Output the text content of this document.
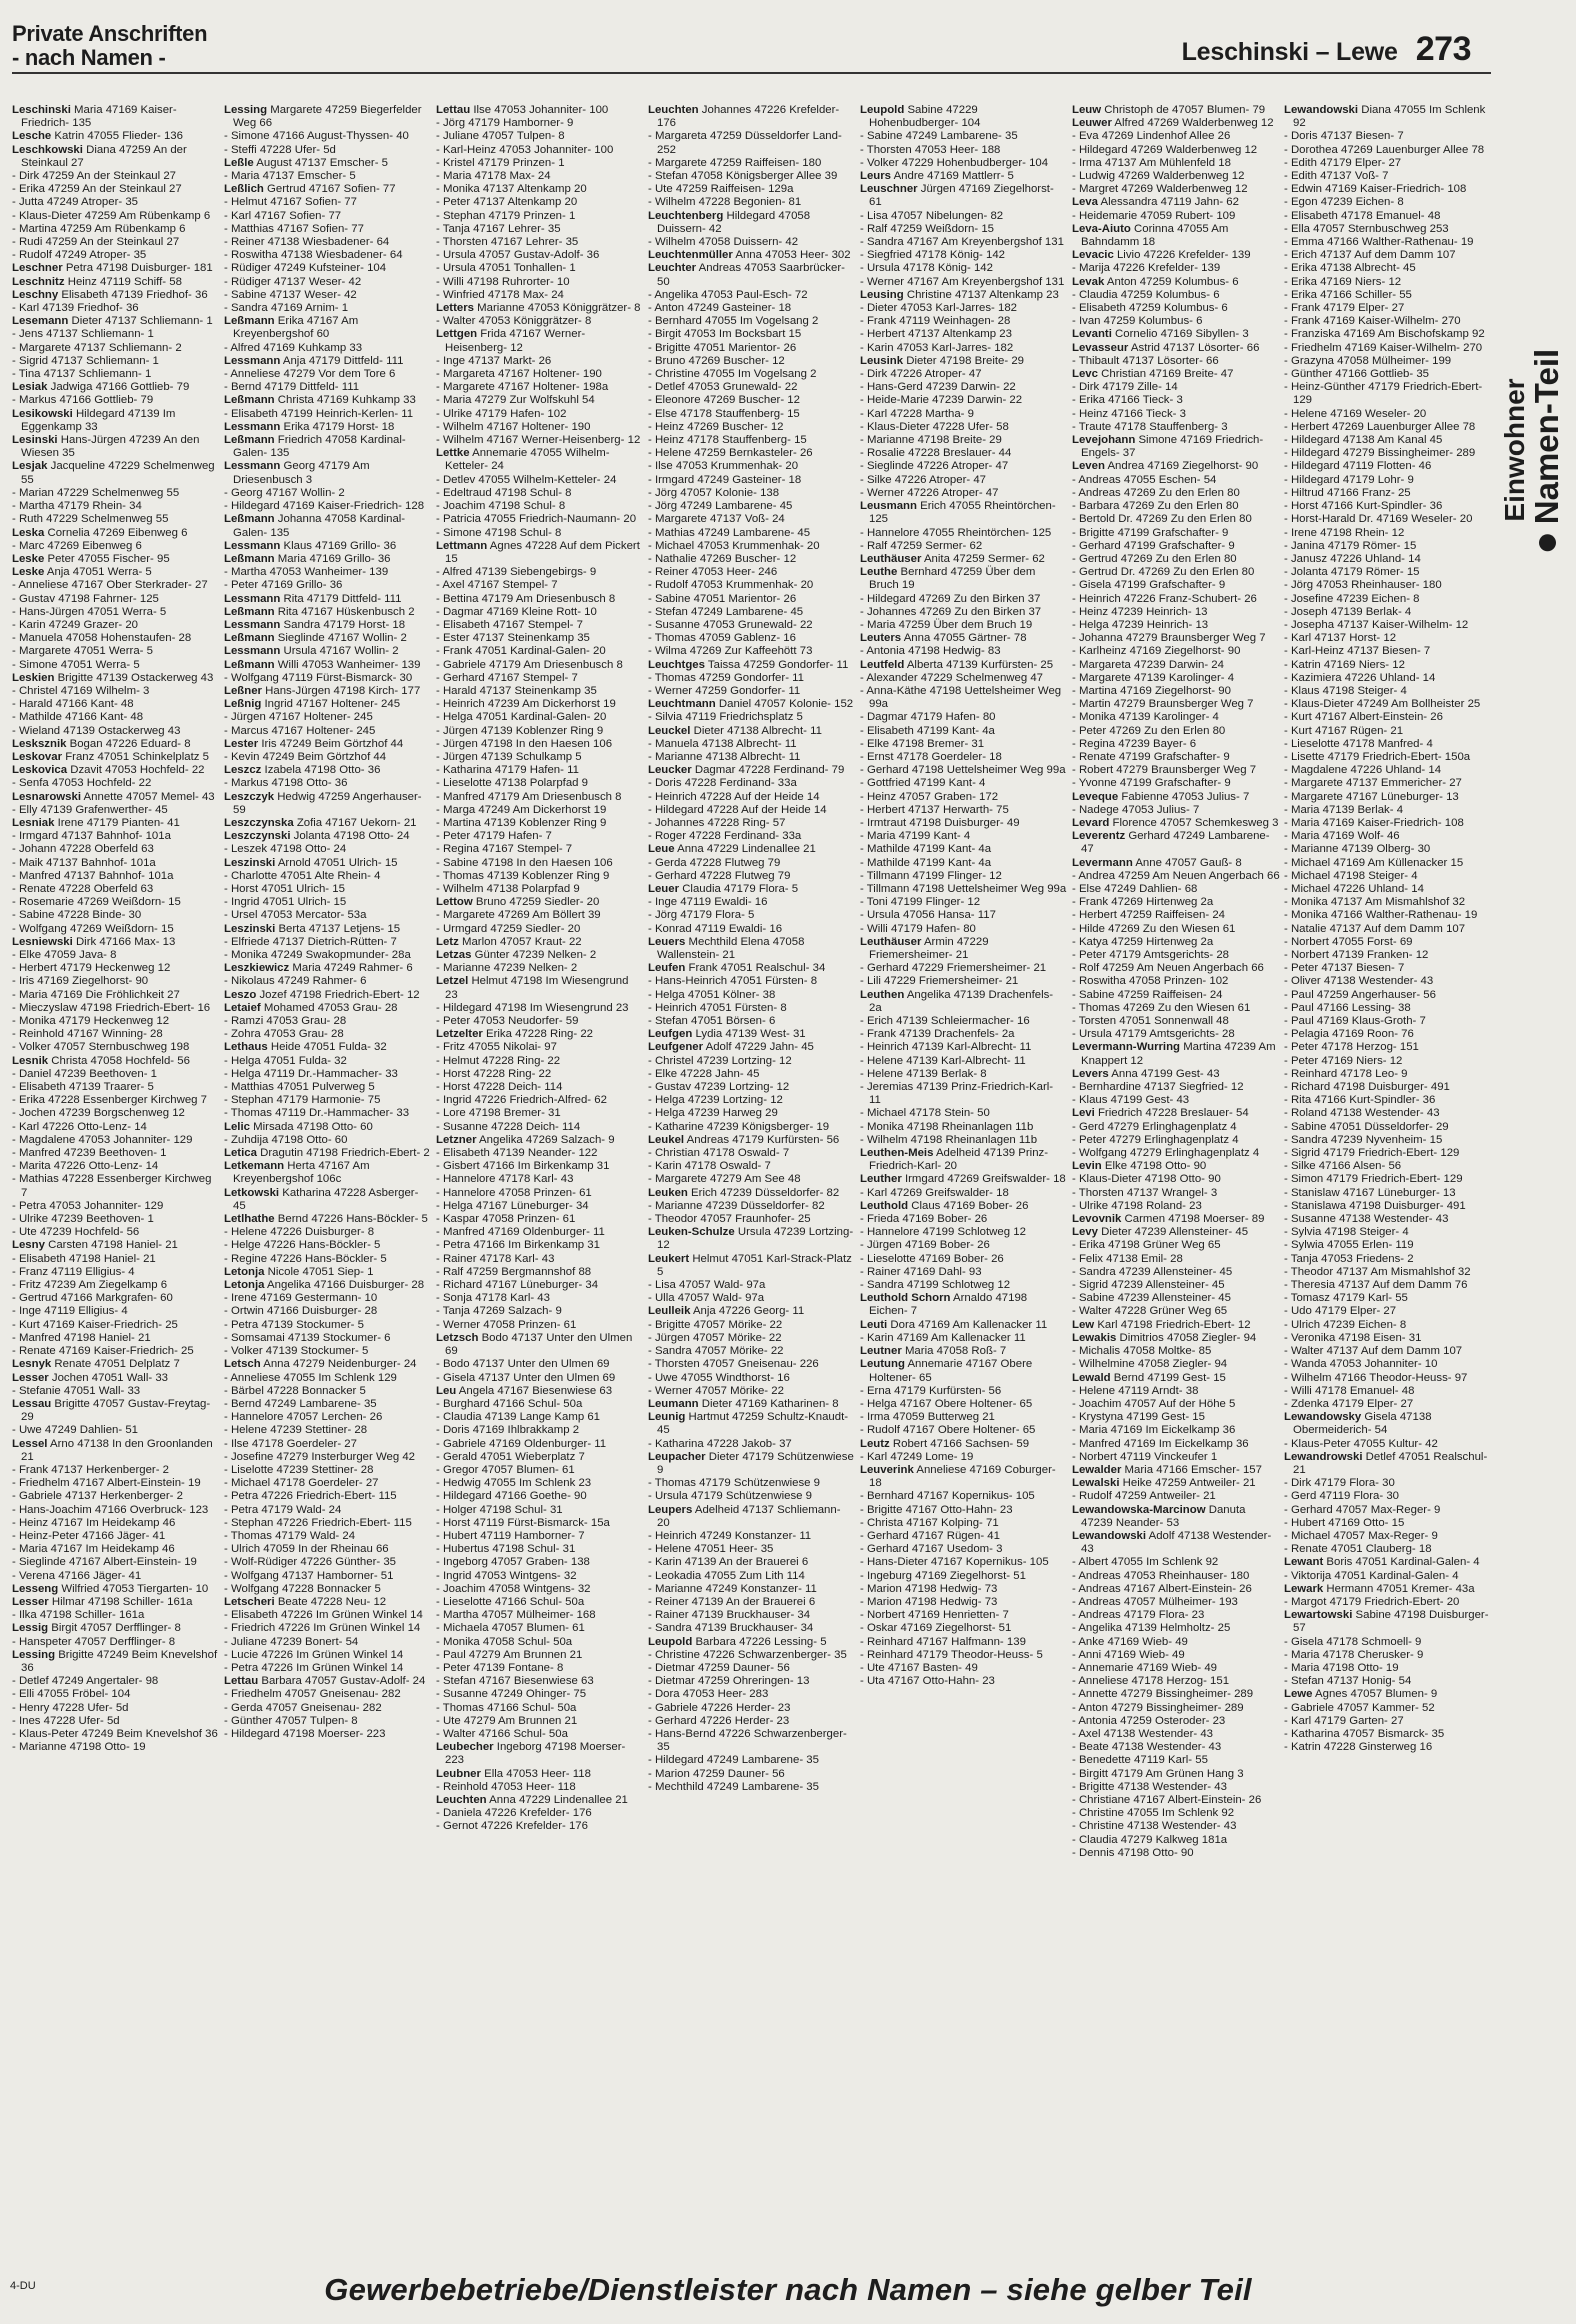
Private Anschriften
- nach Namen -	Leschinski – Lewe 273
Leschinski Maria 47169 Kaiser-Friedrich- 135
Lesche Katrin 47055 Flieder- 136
Leschkowski Diana 47259 An der Steinkaul 27
- Dirk 47259 An der Steinkaul 27
- Erika 47259 An der Steinkaul 27
- Jutta 47249 Atroper- 35
- Klaus-Dieter 47259 Am Rübenkamp 6
- Martina 47259 Am Rübenkamp 6
- Rudi 47259 An der Steinkaul 27
- Rudolf 47249 Atroper- 35
Leschner Petra 47198 Duisburger- 181
Leschnitz Heinz 47119 Schiff- 58
Leschny Elisabeth 47139 Friedhof- 36
- Karl 47139 Friedhof- 36
Lesemann Dieter 47137 Schliemann- 1
- Jens 47137 Schliemann- 1
- Margarete 47137 Schliemann- 2
- Sigrid 47137 Schliemann- 1
- Tina 47137 Schliemann- 1
Lesiak Jadwiga 47166 Gottlieb- 79
- Markus 47166 Gottlieb- 79
Lesikowski Hildegard 47139 Im Eggenkamp 33
Lesinski Hans-Jürgen 47239 An den Wiesen 35
Lesjak Jacqueline 47229 Schelmenweg 55
- Marian 47229 Schelmenweg 55
- Martha 47179 Rhein- 34
- Ruth 47229 Schelmenweg 55
Leska Cornelia 47269 Eibenweg 6
- Marc 47269 Eibenweg 6
Leske Peter 47055 Fischer- 95
Leske Anja 47051 Werra- 5
- Anneliese 47167 Ober Sterkrader- 27
- Gustav 47198 Fahrner- 125
- Hans-Jürgen 47051 Werra- 5
- Karin 47249 Grazer- 20
- Manuela 47058 Hohenstaufen- 28
- Margarete 47051 Werra- 5
- Simone 47051 Werra- 5
Leskien Brigitte 47139 Ostackerweg 43
- Christel 47169 Wilhelm- 3
- Harald 47166 Kant- 48
- Mathilde 47166 Kant- 48
- Wieland 47139 Ostackerweg 43
Lesksznik Bogan 47226 Eduard- 8
Leskovar Franz 47051 Schinkelplatz 5
Leskovica Dzavit 47053 Hochfeld- 22
- Senfa 47053 Hochfeld- 22
Lesnarowski Annette 47057 Memel- 43
- Elly 47139 Grafenwerther- 45
Lesniak Irene 47179 Pianten- 41
- Irmgard 47137 Bahnhof- 101a
- Johann 47228 Oberfeld 63
- Maik 47137 Bahnhof- 101a
- Manfred 47137 Bahnhof- 101a
- Renate 47228 Oberfeld 63
- Rosemarie 47269 Weißdorn- 15
- Sabine 47228 Binde- 30
- Wolfgang 47269 Weißdorn- 15
Lesniewski Dirk 47166 Max- 13
- Elke 47059 Java- 8
- Herbert 47179 Heckenweg 12
- Iris 47169 Ziegelhorst- 90
- Maria 47169 Die Fröhlichkeit 27
- Mieczyslaw 47198 Friedrich-Ebert- 16
- Monika 47179 Heckenweg 12
- Reinhold 47167 Winning- 28
- Volker 47057 Sternbuschweg 198
Lesnik Christa 47058 Hochfeld- 56
- Daniel 47239 Beethoven- 1
- Elisabeth 47139 Traarer- 5
- Erika 47228 Essenberger Kirchweg 7
- Jochen 47239 Borgschenweg 12
- Karl 47226 Otto-Lenz- 14
- Magdalene 47053 Johanniter- 129
- Manfred 47239 Beethoven- 1
- Marita 47226 Otto-Lenz- 14
- Mathias 47228 Essenberger Kirchweg 7
- Petra 47053 Johanniter- 129
- Ulrike 47239 Beethoven- 1
- Ute 47239 Hochfeld- 56
Lesny Carsten 47198 Haniel- 21
- Elisabeth 47198 Haniel- 21
- Franz 47119 Elligius- 4
- Fritz 47239 Am Ziegelkamp 6
- Gertrud 47166 Markgrafen- 60
- Inge 47119 Elligius- 4
- Kurt 47169 Kaiser-Friedrich- 25
- Manfred 47198 Haniel- 21
- Renate 47169 Kaiser-Friedrich- 25
Lesnyk Renate 47051 Delplatz 7
Lesser Jochen 47051 Wall- 33
- Stefanie 47051 Wall- 33
Lessau Brigitte 47057 Gustav-Freytag- 29
- Uwe 47249 Dahlien- 51
Lessel Arno 47138 In den Groonlanden 21
- Frank 47137 Herkenberger- 2
- Friedhelm 47167 Albert-Einstein- 19
- Gabriele 47137 Herkenberger- 2
- Hans-Joachim 47166 Overbruck- 123
- Heinz 47167 Im Heidekamp 46
- Heinz-Peter 47166 Jäger- 41
- Maria 47167 Im Heidekamp 46
- Sieglinde 47167 Albert-Einstein- 19
- Verena 47166 Jäger- 41
Lesseng Wilfried 47053 Tiergarten- 10
Lesser Hilmar 47198 Schiller- 161a
- Ilka 47198 Schiller- 161a
Lessig Birgit 47057 Derfflinger- 8
- Hanspeter 47057 Derfflinger- 8
Lessing Brigitte 47249 Beim Knevelshof 36
- Detlef 47249 Angertaler- 98
- Elli 47055 Fröbel- 104
- Henry 47228 Ufer- 5d
- Ines 47228 Ufer- 5d
- Klaus-Peter 47249 Beim Knevelshof 36
- Marianne 47198 Otto- 19
Lessing Margarete 47259 Biegerfelder Weg 66
- Simone 47166 August-Thyssen- 40
- Steffi 47228 Ufer- 5d
Leßle August 47137 Emscher- 5
- Maria 47137 Emscher- 5
Leßlich Gertrud 47167 Sofien- 77
- Helmut 47167 Sofien- 77
- Karl 47167 Sofien- 77
- Matthias 47167 Sofien- 77
- Reiner 47138 Wiesbadener- 64
- Roswitha 47138 Wiesbadener- 64
- Rüdiger 47249 Kufsteiner- 104
- Rüdiger 47137 Weser- 42
- Sabine 47137 Weser- 42
- Sandra 47169 Arnim- 1
Leßmann Erika 47167 Am Kreyenbergshof 60
- Alfred 47169 Kuhkamp 33
Lessmann Anja 47179 Dittfeld- 111
- Anneliese 47279 Vor dem Tore 6
- Bernd 47179 Dittfeld- 111
Leßmann Christa 47169 Kuhkamp 33
- Elisabeth 47199 Heinrich-Kerlen- 11
Lessmann Erika 47179 Horst- 18
Leßmann Friedrich 47058 Kardinal-Galen- 135
Lessmann Georg 47179 Am Driesenbusch 3
- Georg 47167 Wollin- 2
- Hildegard 47169 Kaiser-Friedrich- 128
Leßmann Johanna 47058 Kardinal-Galen- 135
Lessmann Klaus 47169 Grillo- 36
Leßmann Maria 47169 Grillo- 36
- Martha 47053 Wanheimer- 139
- Peter 47169 Grillo- 36
Lessmann Rita 47179 Dittfeld- 111
Leßmann Rita 47167 Hüskenbusch 2
Lessmann Sandra 47179 Horst- 18
Leßmann Sieglinde 47167 Wollin- 2
Lessmann Ursula 47167 Wollin- 2
Leßmann Willi 47053 Wanheimer- 139
- Wolfgang 47119 Fürst-Bismarck- 30
Leßner Hans-Jürgen 47198 Kirch- 177
Leßnig Ingrid 47167 Holtener- 245
- Jürgen 47167 Holtener- 245
- Marcus 47167 Holtener- 245
Lester Iris 47249 Beim Görtzhof 44
- Kevin 47249 Beim Görtzhof 44
Leszcz Izabela 47198 Otto- 36
- Markus 47198 Otto- 36
Leszczyk Hedwig 47259 Angerhauser- 59
Leszczynska Zofia 47167 Uekorn- 21
Leszczynski Jolanta 47198 Otto- 24
- Leszek 47198 Otto- 24
Leszinski Arnold 47051 Ulrich- 15
- Charlotte 47051 Alte Rhein- 4
- Horst 47051 Ulrich- 15
- Ingrid 47051 Ulrich- 15
- Ursel 47053 Mercator- 53a
Leszinski Berta 47137 Letjens- 15
- Elfriede 47137 Dietrich-Rütten- 7
- Monika 47249 Swakopmunder- 28a
Leszkiewicz Maria 47249 Rahmer- 6
- Nikolaus 47249 Rahmer- 6
Leszo Jozef 47198 Friedrich-Ebert- 12
Letaief Mohamed 47053 Grau- 28
- Ramzi 47053 Grau- 28
- Zohra 47053 Grau- 28
Lethaus Heide 47051 Fulda- 32
- Helga 47051 Fulda- 32
- Helga 47119 Dr.-Hammacher- 33
- Matthias 47051 Pulverweg 5
- Stephan 47179 Harmonie- 75
- Thomas 47119 Dr.-Hammacher- 33
Lelic Mirsada 47198 Otto- 60
- Zuhdija 47198 Otto- 60
Letica Dragutin 47198 Friedrich-Ebert- 2
Letkemann Herta 47167 Am Kreyenbergshof 106c
Letkowski Katharina 47228 Asberger- 45
Letlhathe Bernd 47226 Hans-Böckler- 5
- Helene 47226 Duisburger- 8
- Helge 47226 Hans-Böckler- 5
- Regine 47226 Hans-Böckler- 5
Letonja Nicole 47051 Siep- 1
Letonja Angelika 47166 Duisburger- 28
- Irene 47169 Gestermann- 10
- Ortwin 47166 Duisburger- 28
- Petra 47139 Stockumer- 5
- Somsamai 47139 Stockumer- 6
- Volker 47139 Stockumer- 5
Letsch Anna 47279 Neidenburger- 24
- Anneliese 47055 Im Schlenk 129
- Bärbel 47228 Bonnacker 5
- Bernd 47249 Lambarene- 35
- Hannelore 47057 Lerchen- 26
- Helene 47239 Stettiner- 28
- Ilse 47178 Goerdeler- 27
- Josefine 47279 Insterburger Weg 42
- Liselotte 47239 Stettiner- 28
- Michael 47178 Goerdeler- 27
- Petra 47226 Friedrich-Ebert- 115
- Petra 47179 Wald- 24
- Stephan 47226 Friedrich-Ebert- 115
- Thomas 47179 Wald- 24
- Ulrich 47059 In der Rheinau 66
- Wolf-Rüdiger 47226 Günther- 35
- Wolfgang 47137 Hamborner- 51
- Wolfgang 47228 Bonnacker 5
Letscheri Beate 47228 Neu- 12
- Elisabeth 47226 Im Grünen Winkel 14
- Friedrich 47226 Im Grünen Winkel 14
- Juliane 47239 Bonert- 54
- Lucie 47226 Im Grünen Winkel 14
- Petra 47226 Im Grünen Winkel 14
Lettau Barbara 47057 Gustav-Adolf- 24
- Friedhelm 47057 Gneisenau- 282
- Gerda 47057 Gneisenau- 282
- Günther 47057 Tulpen- 8
- Hildegard 47198 Moerser- 223
Lettau Ilse 47053 Johanniter- 100
- Jörg 47179 Hamborner- 9
- Juliane 47057 Tulpen- 8
- Karl-Heinz 47053 Johanniter- 100
- Kristel 47179 Prinzen- 1
- Maria 47178 Max- 24
- Monika 47137 Altenkamp 20
- Peter 47137 Altenkamp 20
- Stephan 47179 Prinzen- 1
- Tanja 47167 Lehrer- 35
- Thorsten 47167 Lehrer- 35
- Ursula 47057 Gustav-Adolf- 36
- Ursula 47051 Tonhallen- 1
- Willi 47198 Ruhrorter- 10
- Winfried 47178 Max- 24
Letters Marianne 47053 Königgrätzer- 8
- Walter 47053 Königgrätzer- 8
Lettgen Frida 47167 Werner-Heisenberg- 12
- Inge 47137 Markt- 26
- Margareta 47167 Holtener- 190
- Margarete 47167 Holtener- 198a
- Maria 47279 Zur Wolfskuhl 54
- Ulrike 47179 Hafen- 102
- Wilhelm 47167 Holtener- 190
- Wilhelm 47167 Werner-Heisenberg- 12
Lettke Annemarie 47055 Wilhelm-Ketteler- 24
- Detlev 47055 Wilhelm-Ketteler- 24
- Edeltraud 47198 Schul- 8
- Joachim 47198 Schul- 8
- Patricia 47055 Friedrich-Naumann- 20
- Simone 47198 Schul- 8
Lettmann Agnes 47228 Auf dem Pickert 15
- Alfred 47139 Siebengebirgs- 9
- Axel 47167 Stempel- 7
- Bettina 47179 Am Driesenbusch 8
- Dagmar 47169 Kleine Rott- 10
- Elisabeth 47167 Stempel- 7
- Ester 47137 Steinenkamp 35
- Frank 47051 Kardinal-Galen- 20
- Gabriele 47179 Am Driesenbusch 8
- Gerhard 47167 Stempel- 7
- Harald 47137 Steinenkamp 35
- Heinrich 47239 Am Dickerhorst 19
- Helga 47051 Kardinal-Galen- 20
- Jürgen 47139 Koblenzer Ring 9
- Jürgen 47198 In den Haesen 106
- Jürgen 47139 Schulkamp 5
- Katharina 47179 Hafen- 11
- Lieselotte 47138 Polarpfad 9
- Manfred 47179 Am Driesenbusch 8
- Marga 47249 Am Dickerhorst 19
- Martina 47139 Koblenzer Ring 9
- Peter 47179 Hafen- 7
- Regina 47167 Stempel- 7
- Sabine 47198 In den Haesen 106
- Thomas 47139 Koblenzer Ring 9
- Wilhelm 47138 Polarpfad 9
Lettow Bruno 47259 Siedler- 20
- Margarete 47269 Am Böllert 39
- Urmgard 47259 Siedler- 20
Letz Marlon 47057 Kraut- 22
Letzas Günter 47239 Nelken- 2
- Marianne 47239 Nelken- 2
Letzel Helmut 47198 Im Wiesengrund 23
- Hildegard 47198 Im Wiesengrund 23
- Peter 47053 Neudorfer- 59
Letzelter Erika 47228 Ring- 22
- Fritz 47055 Nikolai- 97
- Helmut 47228 Ring- 22
- Horst 47228 Ring- 22
- Horst 47228 Deich- 114
- Ingrid 47226 Friedrich-Alfred- 62
- Lore 47198 Bremer- 31
- Susanne 47228 Deich- 114
Letzner Angelika 47269 Salzach- 9
- Elisabeth 47139 Neander- 122
- Gisbert 47166 Im Birkenkamp 31
- Hannelore 47178 Karl- 43
- Hannelore 47058 Prinzen- 61
- Helga 47167 Lüneburger- 34
- Kaspar 47058 Prinzen- 61
- Manfred 47169 Oldenburger- 11
- Petra 47166 Im Birkenkamp 31
- Rainer 47178 Karl- 43
- Ralf 47259 Bergmannshof 88
- Richard 47167 Lüneburger- 34
- Sonja 47178 Karl- 43
- Tanja 47269 Salzach- 9
- Werner 47058 Prinzen- 61
Letzsch Bodo 47137 Unter den Ulmen 69
- Bodo 47137 Unter den Ulmen 69
- Gisela 47137 Unter den Ulmen 69
Leu Angela 47167 Biesenwiese 63
- Burghard 47166 Schul- 50a
- Claudia 47139 Lange Kamp 61
- Doris 47169 Ihlbrakkamp 2
- Gabriele 47169 Oldenburger- 11
- Gerald 47051 Wieberplatz 7
- Gregor 47057 Blumen- 61
- Hedwig 47055 Im Schlenk 23
- Hildegard 47166 Goethe- 90
- Holger 47198 Schul- 31
- Horst 47119 Fürst-Bismarck- 15a
- Hubert 47119 Hamborner- 7
- Hubertus 47198 Schul- 31
- Ingeborg 47057 Graben- 138
- Ingrid 47053 Wintgens- 32
- Joachim 47058 Wintgens- 32
- Lieselotte 47166 Schul- 50a
- Martha 47057 Mülheimer- 168
- Michaela 47057 Blumen- 61
- Monika 47058 Schul- 50a
- Paul 47279 Am Brunnen 21
- Peter 47139 Fontane- 8
- Stefan 47167 Biesenwiese 63
- Susanne 47249 Ohinger- 75
- Thomas 47166 Schul- 50a
- Ute 47279 Am Brunnen 21
- Walter 47166 Schul- 50a
Leubecher Ingeborg 47198 Moerser- 223
Leubner Ella 47053 Heer- 118
- Reinhold 47053 Heer- 118
Leuchten Anna 47229 Lindenallee 21
- Daniela 47226 Krefelder- 176
- Gernot 47226 Krefelder- 176
Leuchten Johannes 47226 Krefelder- 176
- Margareta 47259 Düsseldorfer Land- 252
- Margarete 47259 Raiffeisen- 180
- Stefan 47058 Königsberger Allee 39
- Ute 47259 Raiffeisen- 129a
- Wilhelm 47228 Begonien- 81
Leuchtenberg Hildegard 47058 Duissern- 42
- Wilhelm 47058 Duissern- 42
Leuchtenmüller Anna 47053 Heer- 302
Leuchter Andreas 47053 Saarbrücker- 50
- Angelika 47053 Paul-Esch- 72
- Anton 47249 Gasteiner- 18
- Bernhard 47055 Im Vogelsang 2
- Birgit 47053 Im Bocksbart 15
- Brigitte 47051 Marientor- 26
- Bruno 47269 Buscher- 12
- Christine 47055 Im Vogelsang 2
- Detlef 47053 Grunewald- 22
- Eleonore 47269 Buscher- 12
- Else 47178 Stauffenberg- 15
- Heinz 47269 Buscher- 12
- Heinz 47178 Stauffenberg- 15
- Helene 47259 Bernkasteler- 26
- Ilse 47053 Krummenhak- 20
- Irmgard 47249 Gasteiner- 18
- Jörg 47057 Kolonie- 138
- Jörg 47249 Lambarene- 45
- Margarete 47137 Voß- 24
- Mathias 47249 Lambarene- 45
- Michael 47053 Krummenhak- 20
- Nathalie 47269 Buscher- 12
- Reiner 47053 Heer- 246
- Rudolf 47053 Krummenhak- 20
- Sabine 47051 Marientor- 26
- Stefan 47249 Lambarene- 45
- Susanne 47053 Grunewald- 22
- Thomas 47059 Gablenz- 16
- Wilma 47269 Zur Kaffeehött 73
Leuchtges Taissa 47259 Gondorfer- 11
- Thomas 47259 Gondorfer- 11
- Werner 47259 Gondorfer- 11
Leuchtmann Daniel 47057 Kolonie- 152
- Silvia 47119 Friedrichsplatz 5
Leuckel Dieter 47138 Albrecht- 11
- Manuela 47138 Albrecht- 11
- Marianne 47138 Albrecht- 11
Leucker Dagmar 47228 Ferdinand- 79
- Doris 47228 Ferdinand- 33a
- Heinrich 47228 Auf der Heide 14
- Hildegard 47228 Auf der Heide 14
- Johannes 47228 Ring- 57
- Roger 47228 Ferdinand- 33a
Leue Anna 47229 Lindenallee 21
- Gerda 47228 Flutweg 79
- Gerhard 47228 Flutweg 79
Leuer Claudia 47179 Flora- 5
- Inge 47119 Ewaldi- 16
- Jörg 47179 Flora- 5
- Konrad 47119 Ewaldi- 16
Leuers Mechthild Elena 47058 Wallenstein- 21
Leufen Frank 47051 Realschul- 34
- Hans-Heinrich 47051 Fürsten- 8
- Helga 47051 Kölner- 38
- Heinrich 47051 Fürsten- 8
- Stefan 47051 Börsen- 6
Leufgen Lydia 47139 West- 31
Leufgener Adolf 47229 Jahn- 45
- Christel 47239 Lortzing- 12
- Elke 47228 Jahn- 45
- Gustav 47239 Lortzing- 12
- Helga 47239 Lortzing- 12
- Helga 47239 Harweg 29
- Katharine 47239 Königsberger- 19
Leukel Andreas 47179 Kurfürsten- 56
- Christian 47178 Oswald- 7
- Karin 47178 Oswald- 7
- Margarete 47279 Am See 48
Leuken Erich 47239 Düsseldorfer- 82
- Marianne 47239 Düsseldorfer- 82
- Theodor 47057 Fraunhofer- 25
Leuken-Schulze Ursula 47239 Lortzing- 12
Leukert Helmut 47051 Karl-Strack-Platz 5
- Lisa 47057 Wald- 97a
- Ulla 47057 Wald- 97a
Leulleik Anja 47226 Georg- 11
- Brigitte 47057 Mörike- 22
- Jürgen 47057 Mörike- 22
- Sandra 47057 Mörike- 22
- Thorsten 47057 Gneisenau- 226
- Uwe 47055 Windthorst- 16
- Werner 47057 Mörike- 22
Leumann Dieter 47169 Katharinen- 8
Leunig Hartmut 47259 Schultz-Knaudt- 45
- Katharina 47228 Jakob- 37
Leupacher Dieter 47179 Schützenwiese 9
- Thomas 47179 Schützenwiese 9
- Ursula 47179 Schützenwiese 9
Leupers Adelheid 47137 Schliemann- 20
- Heinrich 47249 Konstanzer- 11
- Helene 47051 Heer- 35
- Karin 47139 An der Brauerei 6
- Leokadia 47055 Zum Lith 114
- Marianne 47249 Konstanzer- 11
- Reiner 47139 An der Brauerei 6
- Rainer 47139 Bruckhauser- 34
- Sandra 47139 Bruckhauser- 34
Leupold Barbara 47226 Lessing- 5
- Christine 47226 Schwarzenberger- 35
- Dietmar 47259 Dauner- 56
- Dietmar 47259 Ohreringen- 13
- Dora 47053 Heer- 283
- Gabriele 47226 Herder- 23
- Gerhard 47226 Herder- 23
- Hans-Bernd 47226 Schwarzenberger- 35
- Hildegard 47249 Lambarene- 35
- Marion 47259 Dauner- 56
- Mechthild 47249 Lambarene- 35
Leupold Sabine 47229 Hohenbudberger- 104
- Sabine 47249 Lambarene- 35
- Thorsten 47053 Heer- 188
- Volker 47229 Hohenbudberger- 104
Leurs Andre 47169 Mattlerr- 5
Leuschner Jürgen 47169 Ziegelhorst- 61
- Lisa 47057 Nibelungen- 82
- Ralf 47259 Weißdorn- 15
- Sandra 47167 Am Kreyenbergshof 131
- Siegfried 47178 König- 142
- Ursula 47178 König- 142
- Werner 47167 Am Kreyenbergshof 131
Leusing Christine 47137 Altenkamp 23
- Dieter 47053 Karl-Jarres- 182
- Frank 47119 Weinhagen- 28
- Herbert 47137 Altenkamp 23
- Karin 47053 Karl-Jarres- 182
Leusink Dieter 47198 Breite- 29
- Dirk 47226 Atroper- 47
- Hans-Gerd 47239 Darwin- 22
- Heide-Marie 47239 Darwin- 22
- Karl 47228 Martha- 9
- Klaus-Dieter 47228 Ufer- 58
- Marianne 47198 Breite- 29
- Rosalie 47228 Breslauer- 44
- Sieglinde 47226 Atroper- 47
- Silke 47226 Atroper- 47
- Werner 47226 Atroper- 47
Leusmann Erich 47055 Rheintörchen- 125
- Hannelore 47055 Rheintörchen- 125
- Ralf 47259 Sermer- 62
Leuthäuser Anita 47259 Sermer- 62
Leuthe Bernhard 47259 Über dem Bruch 19
- Hildegard 47269 Zu den Birken 37
- Johannes 47269 Zu den Birken 37
- Maria 47259 Über dem Bruch 19
Leuters Anna 47055 Gärtner- 78
- Antonia 47198 Hedwig- 83
Leutfeld Alberta 47139 Kurfürsten- 25
- Alexander 47229 Schelmenweg 47
- Anna-Käthe 47198 Uettelsheimer Weg 99a
- Dagmar 47179 Hafen- 80
- Elisabeth 47199 Kant- 4a
- Elke 47198 Bremer- 31
- Ernst 47178 Goerdeler- 18
- Gerhard 47198 Uettelsheimer Weg 99a
- Gottfried 47199 Kant- 4
- Heinz 47057 Graben- 172
- Herbert 47137 Herwarth- 75
- Irmtraut 47198 Duisburger- 49
- Maria 47199 Kant- 4
- Mathilde 47199 Kant- 4a
- Mathilde 47199 Kant- 4a
- Tillmann 47199 Flinger- 12
- Tillmann 47198 Uettelsheimer Weg 99a
- Toni 47199 Flinger- 12
- Ursula 47056 Hansa- 117
- Willi 47179 Hafen- 80
Leuthäuser Armin 47229 Friemersheimer- 21
- Gerhard 47229 Friemersheimer- 21
- Lili 47229 Friemersheimer- 21
Leuthen Angelika 47139 Drachenfels- 2a
- Erich 47139 Schleiermacher- 16
- Frank 47139 Drachenfels- 2a
- Heinrich 47139 Karl-Albrecht- 11
- Helene 47139 Karl-Albrecht- 11
- Helene 47139 Berlak- 8
- Jeremias 47139 Prinz-Friedrich-Karl- 11
- Michael 47178 Stein- 50
- Monika 47198 Rheinanlagen 11b
- Wilhelm 47198 Rheinanlagen 11b
Leuthen-Meis Adelheid 47139 Prinz-Friedrich-Karl- 20
Leuther Irmgard 47269 Greifswalder- 18
- Karl 47269 Greifswalder- 18
Leuthold Claus 47169 Bober- 26
- Frieda 47169 Bober- 26
- Hannelore 47199 Schlotweg 12
- Jürgen 47169 Bober- 26
- Lieselotte 47169 Bober- 26
- Rainer 47169 Dahl- 93
- Sandra 47199 Schlotweg 12
Leuthold Schorn Arnaldo 47198 Eichen- 7
Leuti Dora 47169 Am Kallenacker 11
- Karin 47169 Am Kallenacker 11
Leutner Maria 47058 Roß- 7
Leutung Annemarie 47167 Obere Holtener- 65
- Erna 47179 Kurfürsten- 56
- Helga 47167 Obere Holtener- 65
- Irma 47059 Butterweg 21
- Rudolf 47167 Obere Holtener- 65
Leutz Robert 47166 Sachsen- 59
- Karl 47249 Lome- 19
Leuverink Anneliese 47169 Coburger- 18
- Bernhard 47167 Kopernikus- 105
- Brigitte 47167 Otto-Hahn- 23
- Christa 47167 Kolping- 71
- Gerhard 47167 Rügen- 41
- Gerhard 47167 Usedom- 3
- Hans-Dieter 47167 Kopernikus- 105
- Ingeburg 47169 Ziegelhorst- 51
- Marion 47198 Hedwig- 73
- Marion 47198 Hedwig- 73
- Norbert 47169 Henrietten- 7
- Oskar 47169 Ziegelhorst- 51
- Reinhard 47167 Halfmann- 139
- Reinhard 47179 Theodor-Heuss- 5
- Ute 47167 Basten- 49
- Uta 47167 Otto-Hahn- 23
Leuw Christoph de 47057 Blumen- 79
Leuwer Alfred 47269 Walderbenweg 12
- Eva 47269 Lindenhof Allee 26
- Hildegard 47269 Walderbenweg 12
- Irma 47137 Am Mühlenfeld 18
- Ludwig 47269 Walderbenweg 12
- Margret 47269 Walderbenweg 12
Leva Alessandra 47119 Jahn- 62
- Heidemarie 47059 Rubert- 109
Leva-Aiuto Corinna 47055 Am Bahndamm 18
Levacic Livio 47226 Krefelder- 139
- Marija 47226 Krefelder- 139
Levak Anton 47259 Kolumbus- 6
- Claudia 47259 Kolumbus- 6
- Elisabeth 47259 Kolumbus- 6
- Ivan 47259 Kolumbus- 6
Levanti Cornelio 47169 Sibyllen- 3
Levasseur Astrid 47137 Lösorter- 66
- Thibault 47137 Lösorter- 66
Levc Christian 47169 Breite- 47
- Dirk 47179 Zille- 14
- Erika 47166 Tieck- 3
- Heinz 47166 Tieck- 3
- Traute 47178 Stauffenberg- 3
Levejohann Simone 47169 Friedrich-Engels- 37
Leven Andrea 47169 Ziegelhorst- 90
- Andreas 47055 Eschen- 54
- Andreas 47269 Zu den Erlen 80
- Barbara 47269 Zu den Erlen 80
- Bertold Dr. 47269 Zu den Erlen 80
- Brigitte 47199 Grafschafter- 9
- Gerhard 47199 Grafschafter- 9
- Gertrud 47269 Zu den Erlen 80
- Gertrud Dr. 47269 Zu den Erlen 80
- Gisela 47199 Grafschafter- 9
- Heinrich 47226 Franz-Schubert- 26
- Heinz 47239 Heinrich- 13
- Helga 47239 Heinrich- 13
- Johanna 47279 Braunsberger Weg 7
- Karlheinz 47169 Ziegelhorst- 90
- Margareta 47239 Darwin- 24
- Margarete 47139 Karolinger- 4
- Martina 47169 Ziegelhorst- 90
- Martin 47279 Braunsberger Weg 7
- Monika 47139 Karolinger- 4
- Peter 47269 Zu den Erlen 80
- Regina 47239 Bayer- 6
- Renate 47199 Grafschafter- 9
- Robert 47279 Braunsberger Weg 7
- Yvonne 47199 Grafschafter- 9
Leveque Fabienne 47053 Julius- 7
- Nadege 47053 Julius- 7
Levard Florence 47057 Schemkesweg 3
Leverentz Gerhard 47249 Lambarene- 47
Levermann Anne 47057 Gauß- 8
- Andrea 47259 Am Neuen Angerbach 66
- Else 47249 Dahlien- 68
- Frank 47269 Hirtenweg 2a
- Herbert 47259 Raiffeisen- 24
- Hilde 47269 Zu den Wiesen 61
- Katya 47259 Hirtenweg 2a
- Peter 47179 Amtsgerichts- 28
- Rolf 47259 Am Neuen Angerbach 66
- Roswitha 47058 Prinzen- 102
- Sabine 47259 Raiffeisen- 24
- Thomas 47269 Zu den Wiesen 61
- Torsten 47051 Sonnenwall 48
- Ursula 47179 Amtsgerichts- 28
Levermann-Wurring Martina 47239 Am Knappert 12
Levers Anna 47199 Gest- 43
- Bernhardine 47137 Siegfried- 12
- Klaus 47199 Gest- 43
Levi Friedrich 47228 Breslauer- 54
- Gerd 47279 Erlinghagenplatz 4
- Peter 47279 Erlinghagenplatz 4
- Wolfgang 47279 Erlinghagenplatz 4
Levin Elke 47198 Otto- 90
- Klaus-Dieter 47198 Otto- 90
- Thorsten 47137 Wrangel- 3
- Ulrike 47198 Roland- 23
Levovnik Carmen 47198 Moerser- 89
Levy Dieter 47239 Allensteiner- 45
- Erika 47198 Grüner Weg 65
- Felix 47138 Emil- 28
- Sandra 47239 Allensteiner- 45
- Sigrid 47239 Allensteiner- 45
- Sabine 47239 Allensteiner- 45
- Walter 47228 Grüner Weg 65
Lew Karl 47198 Friedrich-Ebert- 12
Lewakis Dimitrios 47058 Ziegler- 94
- Michalis 47058 Moltke- 85
- Wilhelmine 47058 Ziegler- 94
Lewald Bernd 47199 Gest- 15
- Helene 47119 Arndt- 38
- Joachim 47057 Auf der Höhe 5
- Krystyna 47199 Gest- 15
- Maria 47169 Im Eickelkamp 36
- Manfred 47169 Im Eickelkamp 36
- Norbert 47119 Vinckeufer 1
Lewalder Maria 47166 Emscher- 157
Lewalski Heike 47259 Antweiler- 21
- Rudolf 47259 Antweiler- 21
Lewandowska-Marcinow Danuta 47239 Neander- 53
Lewandowski Adolf 47138 Westender- 43
- Albert 47055 Im Schlenk 92
- Andreas 47053 Rheinhauser- 180
- Andreas 47167 Albert-Einstein- 26
- Andreas 47057 Mülheimer- 193
- Andreas 47179 Flora- 23
- Angelika 47139 Helmholtz- 25
- Anke 47169 Wieb- 49
- Anni 47169 Wieb- 49
- Annemarie 47169 Wieb- 49
- Anneliese 47178 Herzog- 151
- Annette 47279 Bissingheimer- 289
- Anton 47279 Bissingheimer- 289
- Antonia 47259 Osteroder- 23
- Axel 47138 Westender- 43
- Beate 47138 Westender- 43
- Benedette 47119 Karl- 55
- Birgitt 47179 Am Grünen Hang 3
- Brigitte 47138 Westender- 43
- Christiane 47167 Albert-Einstein- 26
- Christine 47055 Im Schlenk 92
- Christine 47138 Westender- 43
- Claudia 47279 Kalkweg 181a
- Dennis 47198 Otto- 90
Lewandowski Diana 47055 Im Schlenk 92
- Doris 47137 Biesen- 7
- Dorothea 47269 Lauenburger Allee 78
- Edith 47179 Elper- 27
- Edith 47137 Voß- 7
- Edwin 47169 Kaiser-Friedrich- 108
- Egon 47239 Eichen- 8
- Elisabeth 47178 Emanuel- 48
- Ella 47057 Sternbuschweg 253
- Emma 47166 Walther-Rathenau- 19
- Erich 47137 Auf dem Damm 107
- Erika 47138 Albrecht- 45
- Erika 47169 Niers- 12
- Erika 47166 Schiller- 55
- Frank 47179 Elper- 27
- Frank 47169 Kaiser-Wilhelm- 270
- Franziska 47169 Am Bischofskamp 92
- Friedhelm 47169 Kaiser-Wilhelm- 270
- Grazyna 47058 Mülheimer- 199
- Günther 47166 Gottlieb- 35
- Heinz-Günther 47179 Friedrich-Ebert- 129
- Helene 47169 Weseler- 20
- Herbert 47269 Lauenburger Allee 78
- Hildegard 47138 Am Kanal 45
- Hildegard 47279 Bissingheimer- 289
- Hildegard 47119 Flotten- 46
- Hildegard 47179 Lohr- 9
- Hiltrud 47166 Franz- 25
- Horst 47166 Kurt-Spindler- 36
- Horst-Harald Dr. 47169 Weseler- 20
- Irene 47198 Rhein- 12
- Janina 47179 Römer- 15
- Janusz 47226 Uhland- 14
- Jolanta 47179 Römer- 15
- Jörg 47053 Rheinhauser- 180
- Josefine 47239 Eichen- 8
- Joseph 47139 Berlak- 4
- Josepha 47137 Kaiser-Wilhelm- 12
- Karl 47137 Horst- 12
- Karl-Heinz 47137 Biesen- 7
- Katrin 47169 Niers- 12
- Kazimiera 47226 Uhland- 14
- Klaus 47198 Steiger- 4
- Klaus-Dieter 47249 Am Bollheister 25
- Kurt 47167 Albert-Einstein- 26
- Kurt 47167 Rügen- 21
- Lieselotte 47178 Manfred- 4
- Lisette 47179 Friedrich-Ebert- 150a
- Magdalene 47226 Uhland- 14
- Margarete 47137 Emmericher- 27
- Margarete 47167 Lüneburger- 13
- Maria 47139 Berlak- 4
- Maria 47169 Kaiser-Friedrich- 108
- Maria 47169 Wolf- 46
- Marianne 47139 Olberg- 30
- Michael 47169 Am Küllenacker 15
- Michael 47198 Steiger- 4
- Michael 47226 Uhland- 14
- Monika 47137 Am Mismahlshof 32
- Monika 47166 Walther-Rathenau- 19
- Natalie 47137 Auf dem Damm 107
- Norbert 47055 Forst- 69
- Norbert 47139 Franken- 12
- Peter 47137 Biesen- 7
- Oliver 47138 Westender- 43
- Paul 47259 Angerhauser- 56
- Paul 47166 Lessing- 38
- Paul 47169 Klaus-Groth- 7
- Pelagia 47169 Roon- 76
- Peter 47178 Herzog- 151
- Peter 47169 Niers- 12
- Reinhard 47178 Leo- 9
- Richard 47198 Duisburger- 491
- Rita 47166 Kurt-Spindler- 36
- Roland 47138 Westender- 43
- Sabine 47051 Düsseldorfer- 29
- Sandra 47239 Nyvenheim- 15
- Sigrid 47179 Friedrich-Ebert- 129
- Silke 47166 Alsen- 56
- Simon 47179 Friedrich-Ebert- 129
- Stanislaw 47167 Lüneburger- 13
- Stanislawa 47198 Duisburger- 491
- Susanne 47138 Westender- 43
- Sylvia 47198 Steiger- 4
- Sylwia 47055 Erlen- 119
- Tanja 47053 Friedens- 2
- Theodor 47137 Am Mismahlshof 32
- Theresia 47137 Auf dem Damm 76
- Tomasz 47179 Karl- 55
- Udo 47179 Elper- 27
- Ulrich 47239 Eichen- 8
- Veronika 47198 Eisen- 31
- Walter 47137 Auf dem Damm 107
- Wanda 47053 Johanniter- 10
- Wilhelm 47166 Theodor-Heuss- 97
- Willi 47178 Emanuel- 48
- Zdenka 47179 Elper- 27
Lewandowsky Gisela 47138 Obermeiderich- 54
- Klaus-Peter 47055 Kultur- 42
Lewandrowski Detlef 47051 Realschul- 21
- Dirk 47179 Flora- 30
- Gerd 47119 Flora- 30
- Gerhard 47057 Max-Reger- 9
- Hubert 47169 Otto- 15
- Michael 47057 Max-Reger- 9
- Renate 47051 Clauberg- 18
Lewant Boris 47051 Kardinal-Galen- 4
- Viktorija 47051 Kardinal-Galen- 4
Lewark Hermann 47051 Kremer- 43a
- Margot 47179 Friedrich-Ebert- 20
Lewartowski Sabine 47198 Duisburger- 57
- Gisela 47178 Schmoell- 9
- Maria 47178 Cherusker- 9
- Maria 47198 Otto- 19
- Stefan 47137 Honig- 54
Lewe Agnes 47057 Blumen- 9
- Gabriele 47057 Kammer- 52
- Karl 47179 Garten- 27
- Katharina 47057 Bismarck- 35
- Katrin 47228 Ginsterweg 16
Einwohner
Namen-Teil
4-DU	Gewerbebetriebe/Dienstleister nach Namen – siehe gelber Teil
